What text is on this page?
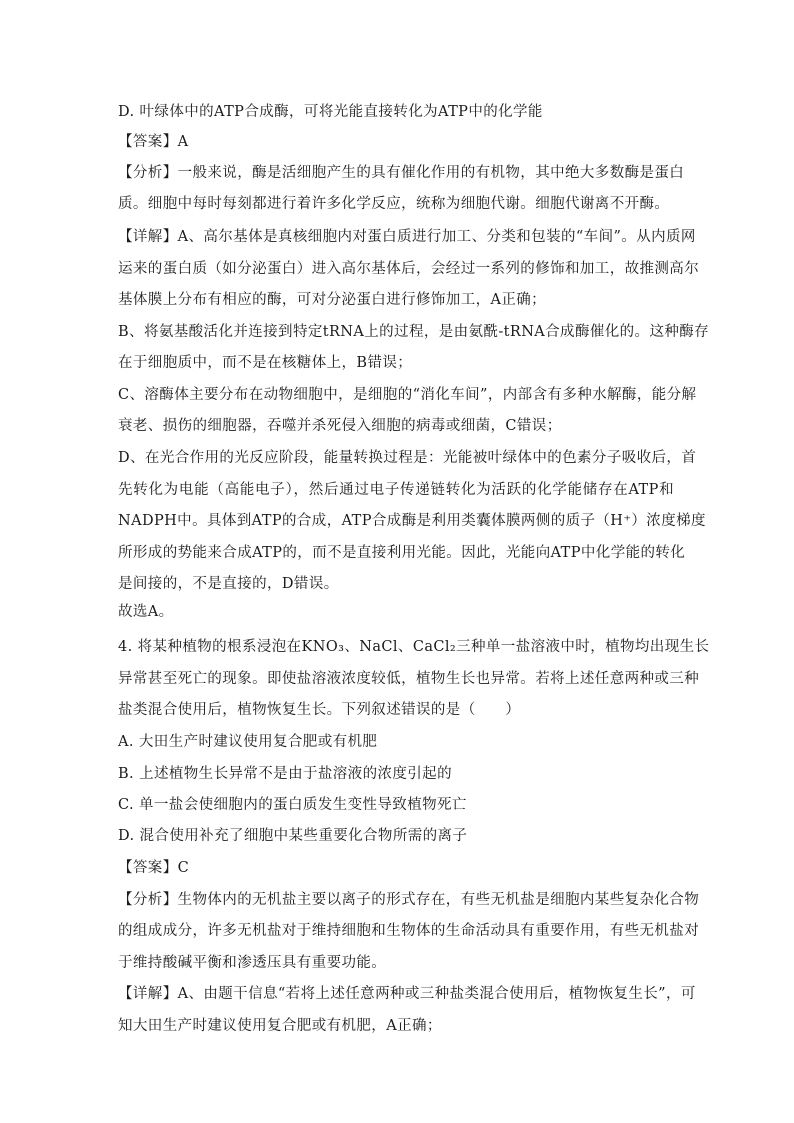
D. 叶绿体中的ATP合成酶，可将光能直接转化为ATP中的化学能
【答案】A
【分析】一般来说，酶是活细胞产生的具有催化作用的有机物，其中绝大多数酶是蛋白
质。细胞中每时每刻都进行着许多化学反应，统称为细胞代谢。细胞代谢离不开酶。
【详解】A、高尔基体是真核细胞内对蛋白质进行加工、分类和包装的“车间”。从内质网
运来的蛋白质（如分泌蛋白）进入高尔基体后，会经过一系列的修饰和加工，故推测高尔
基体膜上分布有相应的酶，可对分泌蛋白进行修饰加工，A正确；
B、将氨基酸活化并连接到特定tRNA上的过程，是由氨酰-tRNA合成酶催化的。这种酶存
在于细胞质中，而不是在核糖体上，B错误；
C、溶酶体主要分布在动物细胞中，是细胞的“消化车间”，内部含有多种水解酶，能分解
衰老、损伤的细胞器，吞噬并杀死侵入细胞的病毒或细菌，C错误；
D、在光合作用的光反应阶段，能量转换过程是：光能被叶绿体中的色素分子吸收后，首
先转化为电能（高能电子），然后通过电子传递链转化为活跃的化学能储存在ATP和
NADPH中。具体到ATP的合成，ATP合成酶是利用类囊体膜两侧的质子（H⁺）浓度梯度
所形成的势能来合成ATP的，而不是直接利用光能。因此，光能向ATP中化学能的转化
是间接的，不是直接的，D错误。
故选A。
4. 将某种植物的根系浸泡在KNO₃、NaCl、CaCl₂三种单一盐溶液中时，植物均出现生长
异常甚至死亡的现象。即使盐溶液浓度较低，植物生长也异常。若将上述任意两种或三种
盐类混合使用后，植物恢复生长。下列叙述错误的是（　　）
A. 大田生产时建议使用复合肥或有机肥
B. 上述植物生长异常不是由于盐溶液的浓度引起的
C. 单一盐会使细胞内的蛋白质发生变性导致植物死亡
D. 混合使用补充了细胞中某些重要化合物所需的离子
【答案】C
【分析】生物体内的无机盐主要以离子的形式存在，有些无机盐是细胞内某些复杂化合物
的组成成分，许多无机盐对于维持细胞和生物体的生命活动具有重要作用，有些无机盐对
于维持酸碱平衡和渗透压具有重要功能。
【详解】A、由题干信息“若将上述任意两种或三种盐类混合使用后，植物恢复生长”，可
知大田生产时建议使用复合肥或有机肥，A正确；
